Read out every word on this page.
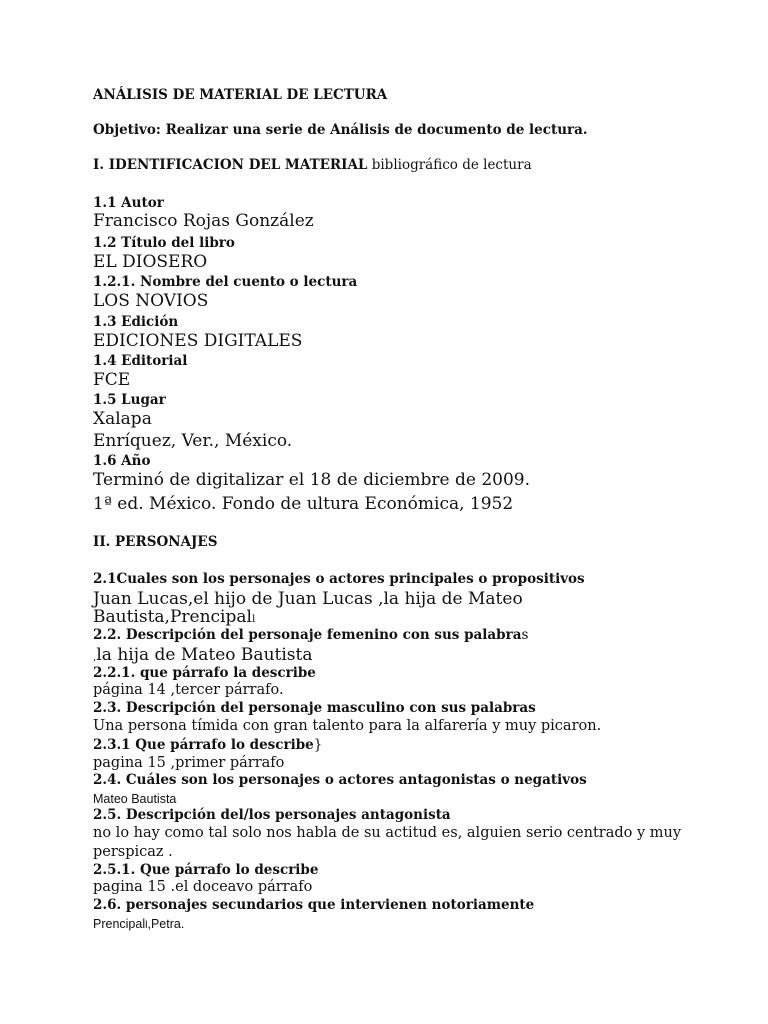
ANÁLISIS DE MATERIAL DE LECTURA
Objetivo: Realizar una serie de Análisis de documento de lectura.
I. IDENTIFICACION DEL MATERIAL bibliográfico de lectura
1.1 Autor
Francisco Rojas González
1.2 Título del libro
EL DIOSERO
1.2.1. Nombre del cuento o lectura
LOS NOVIOS
1.3 Edición
EDICIONES DIGITALES
1.4 Editorial
FCE
1.5 Lugar
Xalapa
Enríquez, Ver., México.
1.6 Año
Terminó de digitalizar el 18 de diciembre de 2009.
1ª ed. México. Fondo de ultura Económica, 1952
II. PERSONAJES
2.1Cuales son los personajes o actores principales o propositivos
Juan Lucas,el hijo de Juan Lucas ,la hija de Mateo
Bautista,Prencipall
2.2. Descripción del personaje femenino con sus palabras
,la hija de Mateo Bautista
2.2.1. que párrafo la describe
página 14 ,tercer párrafo.
2.3. Descripción del personaje masculino con sus palabras
Una persona tímida con gran talento para la alfarería y muy picaron.
2.3.1 Que párrafo lo describe}
pagina 15 ,primer párrafo
2.4. Cuáles son los personajes o actores antagonistas o negativos
Mateo Bautista
2.5. Descripción del/los personajes antagonista
no lo hay como tal solo nos habla de su actitud es, alguien serio centrado y muy
perspicaz .
2.5.1. Que párrafo lo describe
pagina 15 .el doceavo párrafo
2.6. personajes secundarios que intervienen notoriamente
Prencipall,Petra.
